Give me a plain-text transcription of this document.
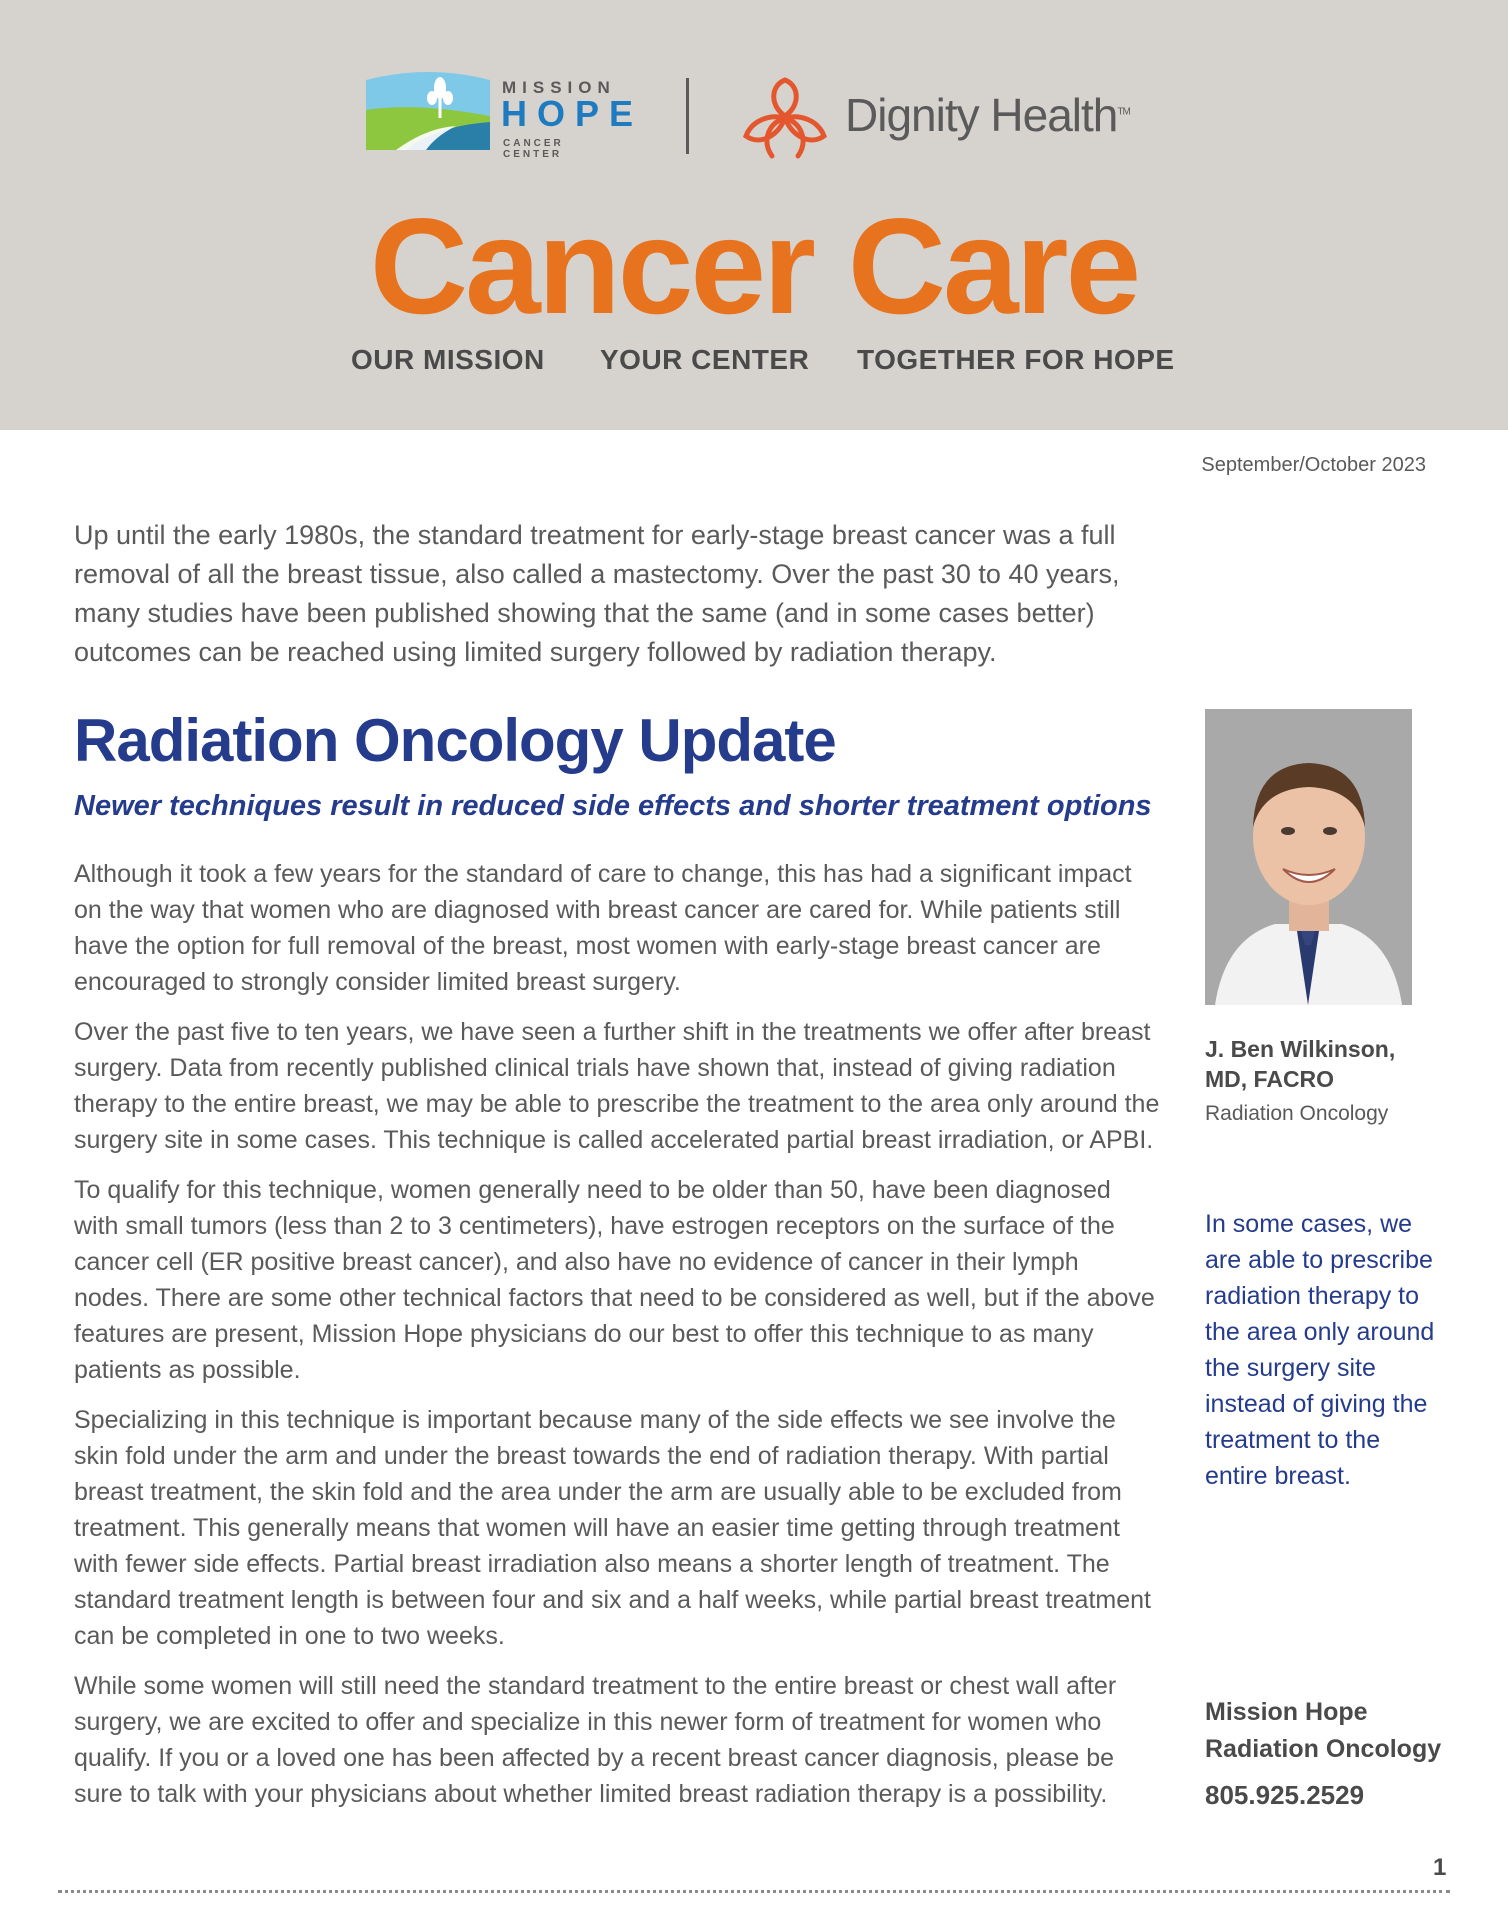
MISSION
HOPE
CANCER CENTER
Dignity Health™
Cancer Care
OUR MISSION YOUR CENTER TOGETHER FOR HOPE
September/October 2023
Up until the early 1980s, the standard treatment for early-stage breast cancer was a full removal of all the breast tissue, also called a mastectomy. Over the past 30 to 40 years, many studies have been published showing that the same (and in some cases better) outcomes can be reached using limited surgery followed by radiation therapy.
Radiation Oncology Update
Newer techniques result in reduced side effects and shorter treatment options

Although it took a few years for the standard of care to change, this has had a significant impact on the way that women who are diagnosed with breast cancer are cared for. While patients still have the option for full removal of the breast, most women with early-stage breast cancer are encouraged to strongly consider limited breast surgery.

Over the past five to ten years, we have seen a further shift in the treatments we offer after breast surgery. Data from recently published clinical trials have shown that, instead of giving radiation therapy to the entire breast, we may be able to prescribe the treatment to the area only around the surgery site in some cases. This technique is called accelerated partial breast irradiation, or APBI.

To qualify for this technique, women generally need to be older than 50, have been diagnosed with small tumors (less than 2 to 3 centimeters), have estrogen receptors on the surface of the cancer cell (ER positive breast cancer), and also have no evidence of cancer in their lymph nodes. There are some other technical factors that need to be considered as well, but if the above features are present, Mission Hope physicians do our best to offer this technique to as many patients as possible.

Specializing in this technique is important because many of the side effects we see involve the skin fold under the arm and under the breast towards the end of radiation therapy. With partial breast treatment, the skin fold and the area under the arm are usually able to be excluded from treatment. This generally means that women will have an easier time getting through treatment with fewer side effects. Partial breast irradiation also means a shorter length of treatment. The standard treatment length is between four and six and a half weeks, while partial breast treatment can be completed in one to two weeks.

While some women will still need the standard treatment to the entire breast or chest wall after surgery, we are excited to offer and specialize in this newer form of treatment for women who qualify. If you or a loved one has been affected by a recent breast cancer diagnosis, please be sure to talk with your physicians about whether limited breast radiation therapy is a possibility.

J. Ben Wilkinson,
MD, FACRO
Radiation Oncology
In some cases, we are able to prescribe radiation therapy to the area only around the surgery site instead of giving the treatment to the entire breast.
Mission Hope
Radiation Oncology
805.925.2529
1
